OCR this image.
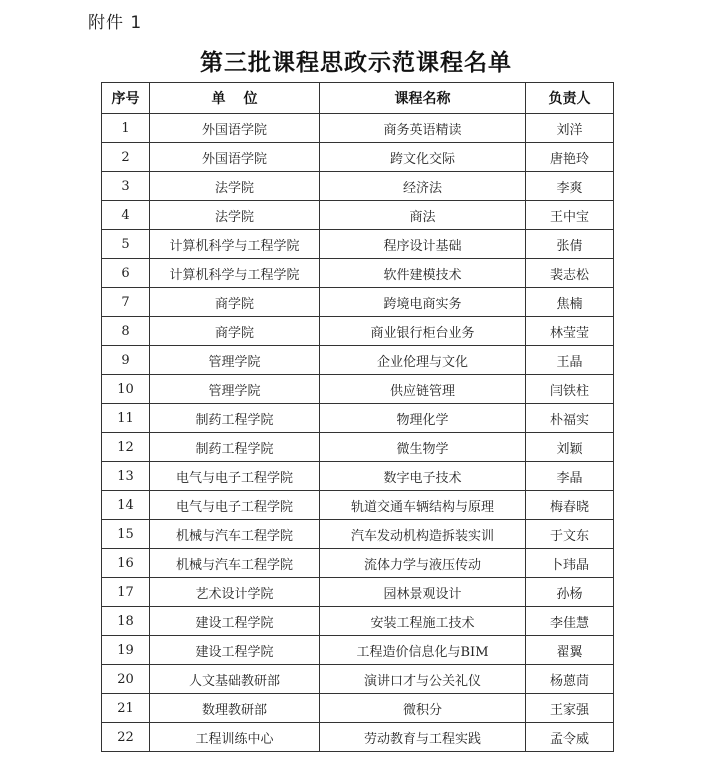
附件 1
第三批课程思政示范课程名单
序号	单位	课程名称	负责人
1	外国语学院	商务英语精读	刘洋
2	外国语学院	跨文化交际	唐艳玲
3	法学院	经济法	李爽
4	法学院	商法	王中宝
5	计算机科学与工程学院	程序设计基础	张倩
6	计算机科学与工程学院	软件建模技术	裴志松
7	商学院	跨境电商实务	焦楠
8	商学院	商业银行柜台业务	林莹莹
9	管理学院	企业伦理与文化	王晶
10	管理学院	供应链管理	闫铁柱
11	制药工程学院	物理化学	朴福实
12	制药工程学院	微生物学	刘颖
13	电气与电子工程学院	数字电子技术	李晶
14	电气与电子工程学院	轨道交通车辆结构与原理	梅春晓
15	机械与汽车工程学院	汽车发动机构造拆装实训	于文东
16	机械与汽车工程学院	流体力学与液压传动	卜玮晶
17	艺术设计学院	园林景观设计	孙杨
18	建设工程学院	安装工程施工技术	李佳慧
19	建设工程学院	工程造价信息化与BIM	翟翼
20	人文基础教研部	演讲口才与公关礼仪	杨蒽茼
21	数理教研部	微积分	王家强
22	工程训练中心	劳动教育与工程实践	孟令威
